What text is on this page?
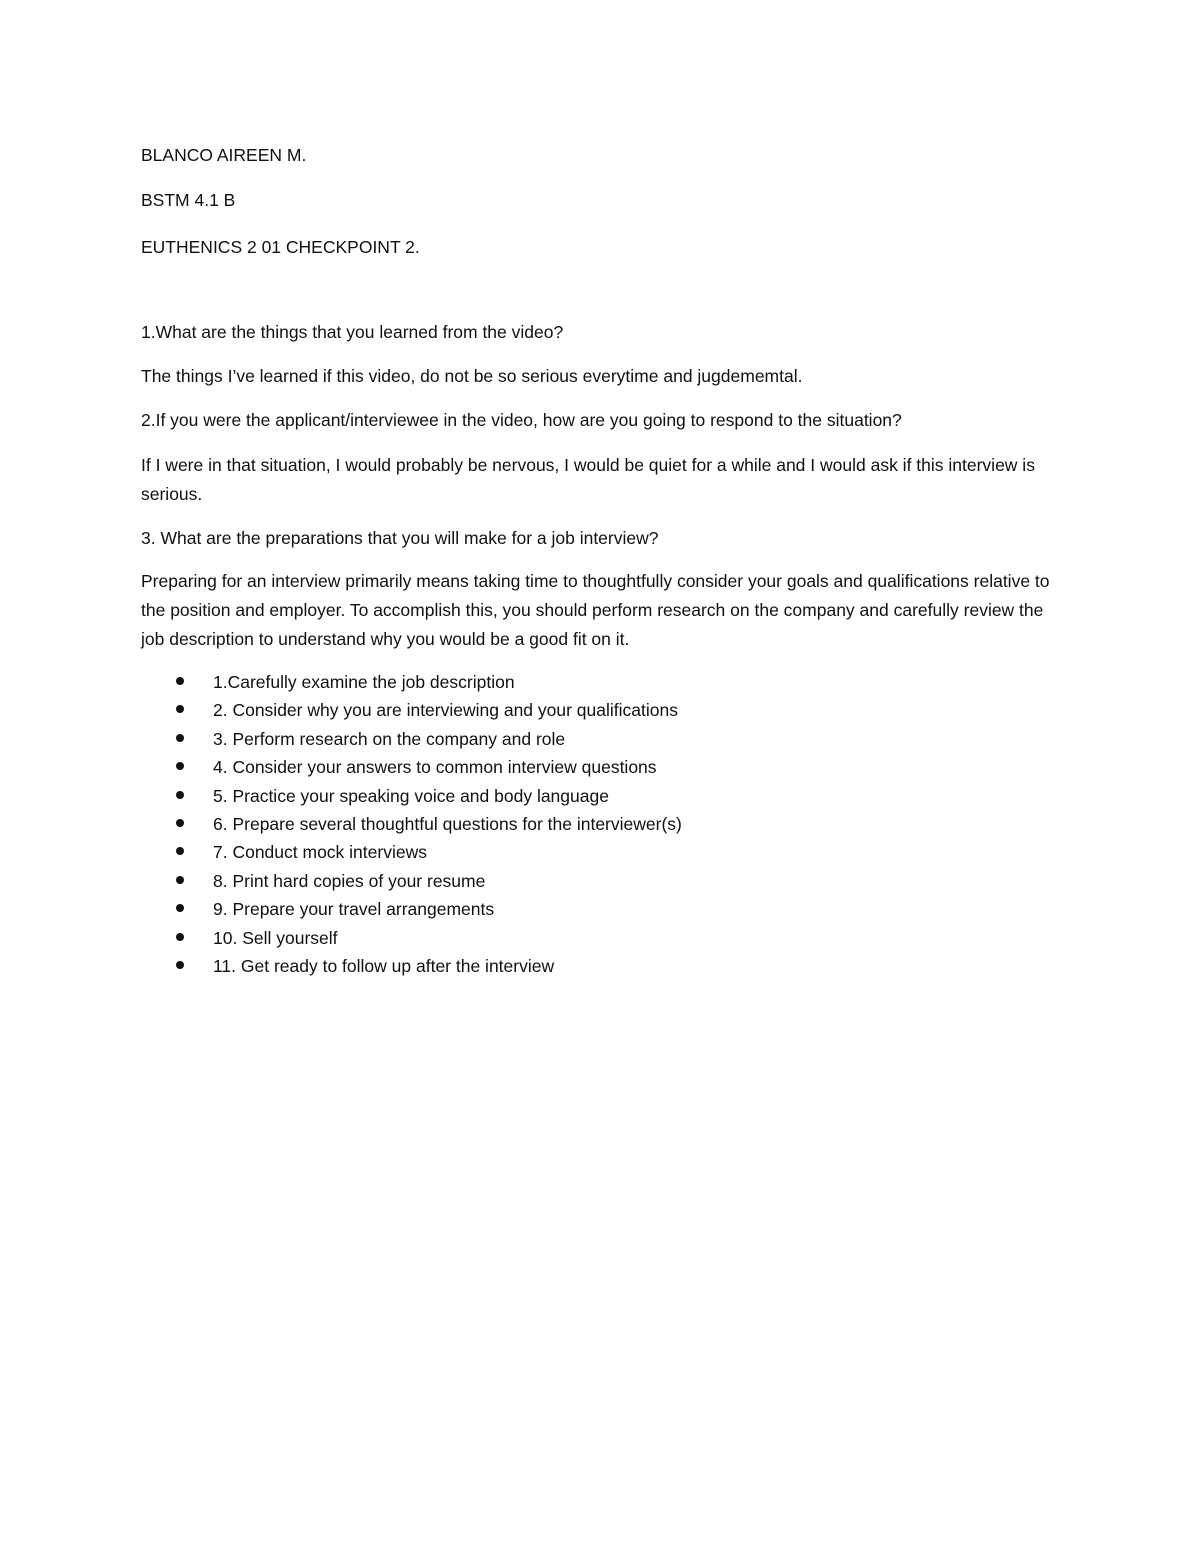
BLANCO AIREEN M.
BSTM 4.1 B
EUTHENICS 2 01 CHECKPOINT 2.
1.What are the things that you learned from the video?
The things I’ve learned if this video, do not be so serious everytime and jugdememtal.
2.If you were the applicant/interviewee in the video, how are you going to respond to the situation?
If I were in that situation, I would probably be nervous, I would be quiet for a while and I would ask if this interview is serious.
3. What are the preparations that you will make for a job interview?
Preparing for an interview primarily means taking time to thoughtfully consider your goals and qualifications relative to the position and employer. To accomplish this, you should perform research on the company and carefully review the job description to understand why you would be a good fit on it.
1.Carefully examine the job description
2. Consider why you are interviewing and your qualifications
3. Perform research on the company and role
4. Consider your answers to common interview questions
5. Practice your speaking voice and body language
6. Prepare several thoughtful questions for the interviewer(s)
7. Conduct mock interviews
8. Print hard copies of your resume
9. Prepare your travel arrangements
10. Sell yourself
11. Get ready to follow up after the interview
